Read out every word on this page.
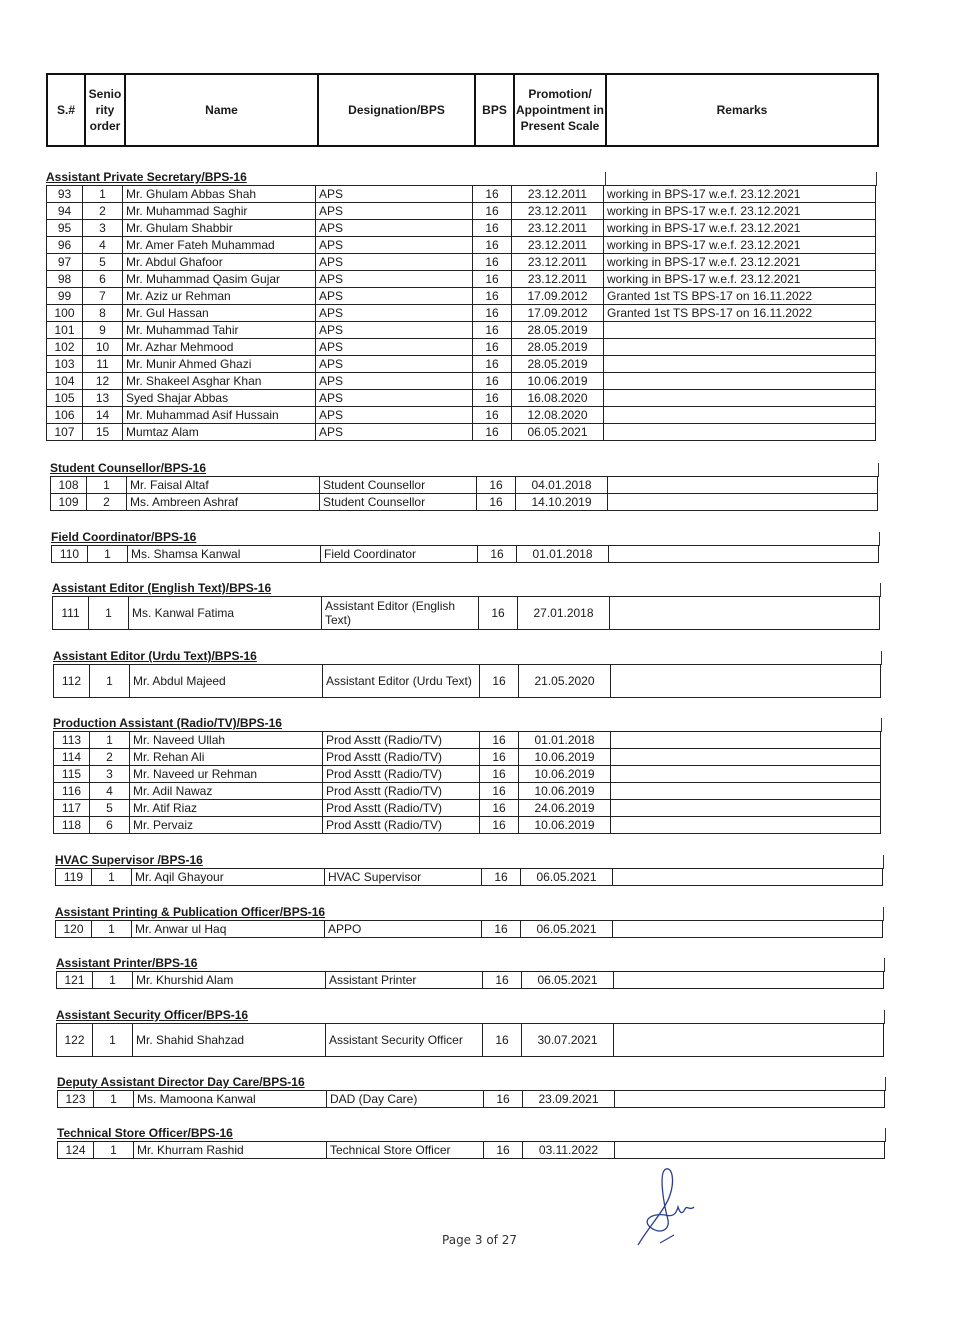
S.#	Senio rity order	Name	Designation/BPS	BPS	Promotion/ Appointment in Present Scale	Remarks
Assistant Private Secretary/BPS-16
93	1	Mr. Ghulam Abbas Shah	APS	16	23.12.2011	working in BPS-17 w.e.f. 23.12.2021
94	2	Mr. Muhammad Saghir	APS	16	23.12.2011	working in BPS-17 w.e.f. 23.12.2021
95	3	Mr. Ghulam Shabbir	APS	16	23.12.2011	working in BPS-17 w.e.f. 23.12.2021
96	4	Mr. Amer Fateh Muhammad	APS	16	23.12.2011	working in BPS-17 w.e.f. 23.12.2021
97	5	Mr. Abdul Ghafoor	APS	16	23.12.2011	working in BPS-17 w.e.f. 23.12.2021
98	6	Mr. Muhammad Qasim Gujar	APS	16	23.12.2011	working in BPS-17 w.e.f. 23.12.2021
99	7	Mr. Aziz ur Rehman	APS	16	17.09.2012	Granted 1st TS BPS-17 on 16.11.2022
100	8	Mr. Gul Hassan	APS	16	17.09.2012	Granted 1st TS BPS-17 on 16.11.2022
101	9	Mr. Muhammad Tahir	APS	16	28.05.2019	
102	10	Mr. Azhar Mehmood	APS	16	28.05.2019	
103	11	Mr. Munir Ahmed Ghazi	APS	16	28.05.2019	
104	12	Mr. Shakeel Asghar Khan	APS	16	10.06.2019	
105	13	Syed Shajar Abbas	APS	16	16.08.2020	
106	14	Mr. Muhammad Asif Hussain	APS	16	12.08.2020	
107	15	Mumtaz Alam	APS	16	06.05.2021	
Student Counsellor/BPS-16
108	1	Mr. Faisal Altaf	Student Counsellor	16	04.01.2018	
109	2	Ms. Ambreen Ashraf	Student Counsellor	16	14.10.2019	
Field Coordinator/BPS-16
110	1	Ms. Shamsa Kanwal	Field Coordinator	16	01.01.2018	
Assistant Editor (English Text)/BPS-16
111	1	Ms. Kanwal Fatima	Assistant Editor (English Text)	16	27.01.2018	
Assistant Editor (Urdu Text)/BPS-16
112	1	Mr. Abdul Majeed	Assistant Editor (Urdu Text)	16	21.05.2020	
Production Assistant (Radio/TV)/BPS-16
113	1	Mr. Naveed Ullah	Prod Asstt (Radio/TV)	16	01.01.2018	
114	2	Mr. Rehan Ali	Prod Asstt (Radio/TV)	16	10.06.2019	
115	3	Mr. Naveed ur Rehman	Prod Asstt (Radio/TV)	16	10.06.2019	
116	4	Mr. Adil Nawaz	Prod Asstt (Radio/TV)	16	10.06.2019	
117	5	Mr. Atif Riaz	Prod Asstt (Radio/TV)	16	24.06.2019	
118	6	Mr. Pervaiz	Prod Asstt (Radio/TV)	16	10.06.2019	
HVAC Supervisor /BPS-16
119	1	Mr. Aqil Ghayour	HVAC Supervisor	16	06.05.2021	
Assistant Printing & Publication Officer/BPS-16
120	1	Mr. Anwar ul Haq	APPO	16	06.05.2021	
Assistant Printer/BPS-16
121	1	Mr. Khurshid Alam	Assistant Printer	16	06.05.2021	
Assistant Security Officer/BPS-16
122	1	Mr. Shahid Shahzad	Assistant Security Officer	16	30.07.2021	
Deputy Assistant Director Day Care/BPS-16
123	1	Ms. Mamoona Kanwal	DAD (Day Care)	16	23.09.2021	
Technical Store Officer/BPS-16
124	1	Mr. Khurram Rashid	Technical Store Officer	16	03.11.2022	
Page 3 of 27
